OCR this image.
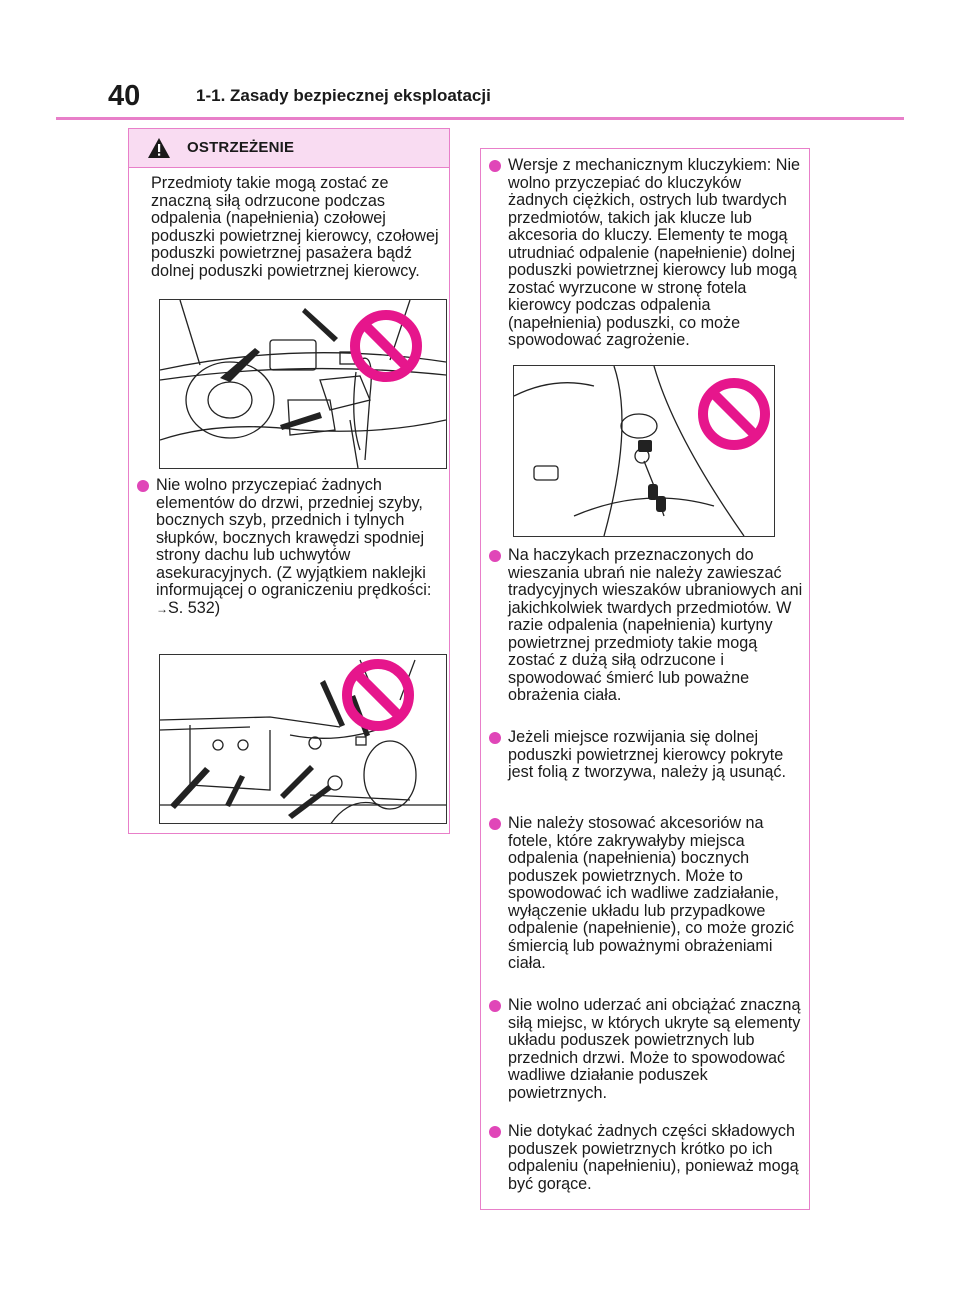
40	1-1. Zasady bezpiecznej eksploatacji
OSTRZEŻENIE

Przedmioty takie mogą zostać ze znaczną siłą odrzucone podczas odpalenia (napełnienia) czołowej poduszki powietrznej kierowcy, czołowej poduszki powietrznej pasażera bądź dolnej poduszki powietrznej kierowcy.

Nie wolno przyczepiać żadnych elementów do drzwi, przedniej szyby, bocznych szyb, przednich i tylnych słupków, bocznych krawędzi spodniej strony dachu lub uchwytów asekuracyjnych. (Z wyjątkiem naklejki informującej o ograniczeniu prędkości: →S. 532)

Wersje z mechanicznym kluczykiem: Nie wolno przyczepiać do kluczyków żadnych ciężkich, ostrych lub twardych przedmiotów, takich jak klucze lub akcesoria do kluczy. Elementy te mogą utrudniać odpalenie (napełnienie) dolnej poduszki powietrznej kierowcy lub mogą zostać wyrzucone w stronę fotela kierowcy podczas odpalenia (napełnienia) poduszki, co może spowodować zagrożenie.

Na haczykach przeznaczonych do wieszania ubrań nie należy zawieszać tradycyjnych wieszaków ubraniowych ani jakichkolwiek twardych przedmiotów. W razie odpalenia (napełnienia) kurtyny powietrznej przedmioty takie mogą zostać z dużą siłą odrzucone i spowodować śmierć lub poważne obrażenia ciała.

Jeżeli miejsce rozwijania się dolnej poduszki powietrznej kierowcy pokryte jest folią z tworzywa, należy ją usunąć.

Nie należy stosować akcesoriów na fotele, które zakrywałyby miejsca odpalenia (napełnienia) bocznych poduszek powietrznych. Może to spowodować ich wadliwe zadziałanie, wyłączenie układu lub przypadkowe odpalenie (napełnienie), co może grozić śmiercią lub poważnymi obrażeniami ciała.

Nie wolno uderzać ani obciążać znaczną siłą miejsc, w których ukryte są elementy układu poduszek powietrznych lub przednich drzwi. Może to spowodować wadliwe działanie poduszek powietrznych.

Nie dotykać żadnych części składowych poduszek powietrznych krótko po ich odpaleniu (napełnieniu), ponieważ mogą być gorące.
